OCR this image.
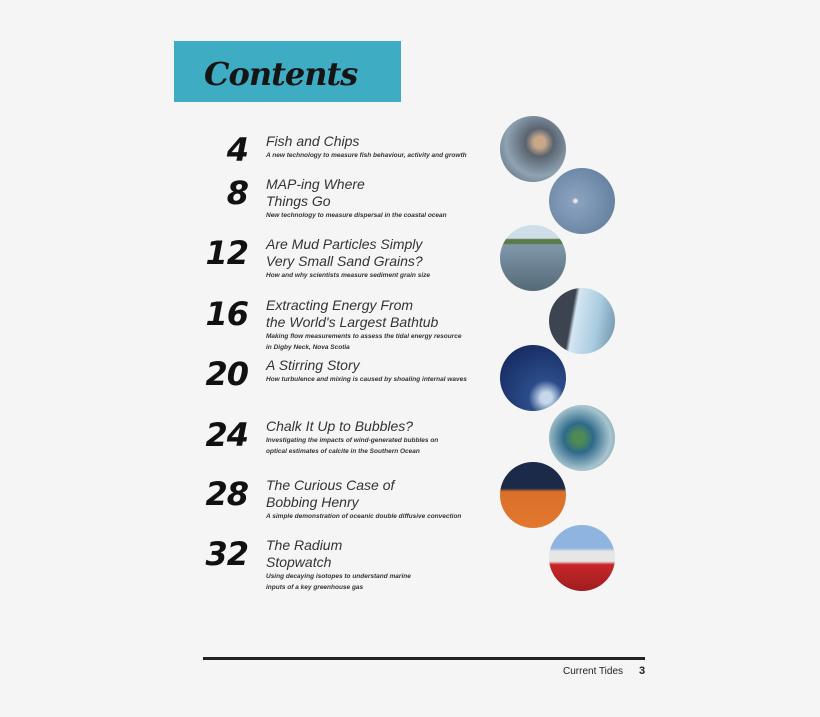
Contents
4 Fish and Chips
A new technology to measure fish behaviour, activity and growth
8 MAP-ing Where
Things Go
New technology to measure dispersal in the coastal ocean
12 Are Mud Particles Simply
Very Small Sand Grains?
How and why scientists measure sediment grain size
16 Extracting Energy From
the World's Largest Bathtub
Making flow measurements to assess the tidal energy resource
in Digby Neck, Nova Scotia
20 A Stirring Story
How turbulence and mixing is caused by shoaling internal waves
24 Chalk It Up to Bubbles?
Investigating the impacts of wind-generated bubbles on
optical estimates of calcite in the Southern Ocean
28 The Curious Case of
Bobbing Henry
A simple demonstration of oceanic double diffusive convection
32 The Radium
Stopwatch
Using decaying isotopes to understand marine
inputs of a key greenhouse gas
Current Tides 3
